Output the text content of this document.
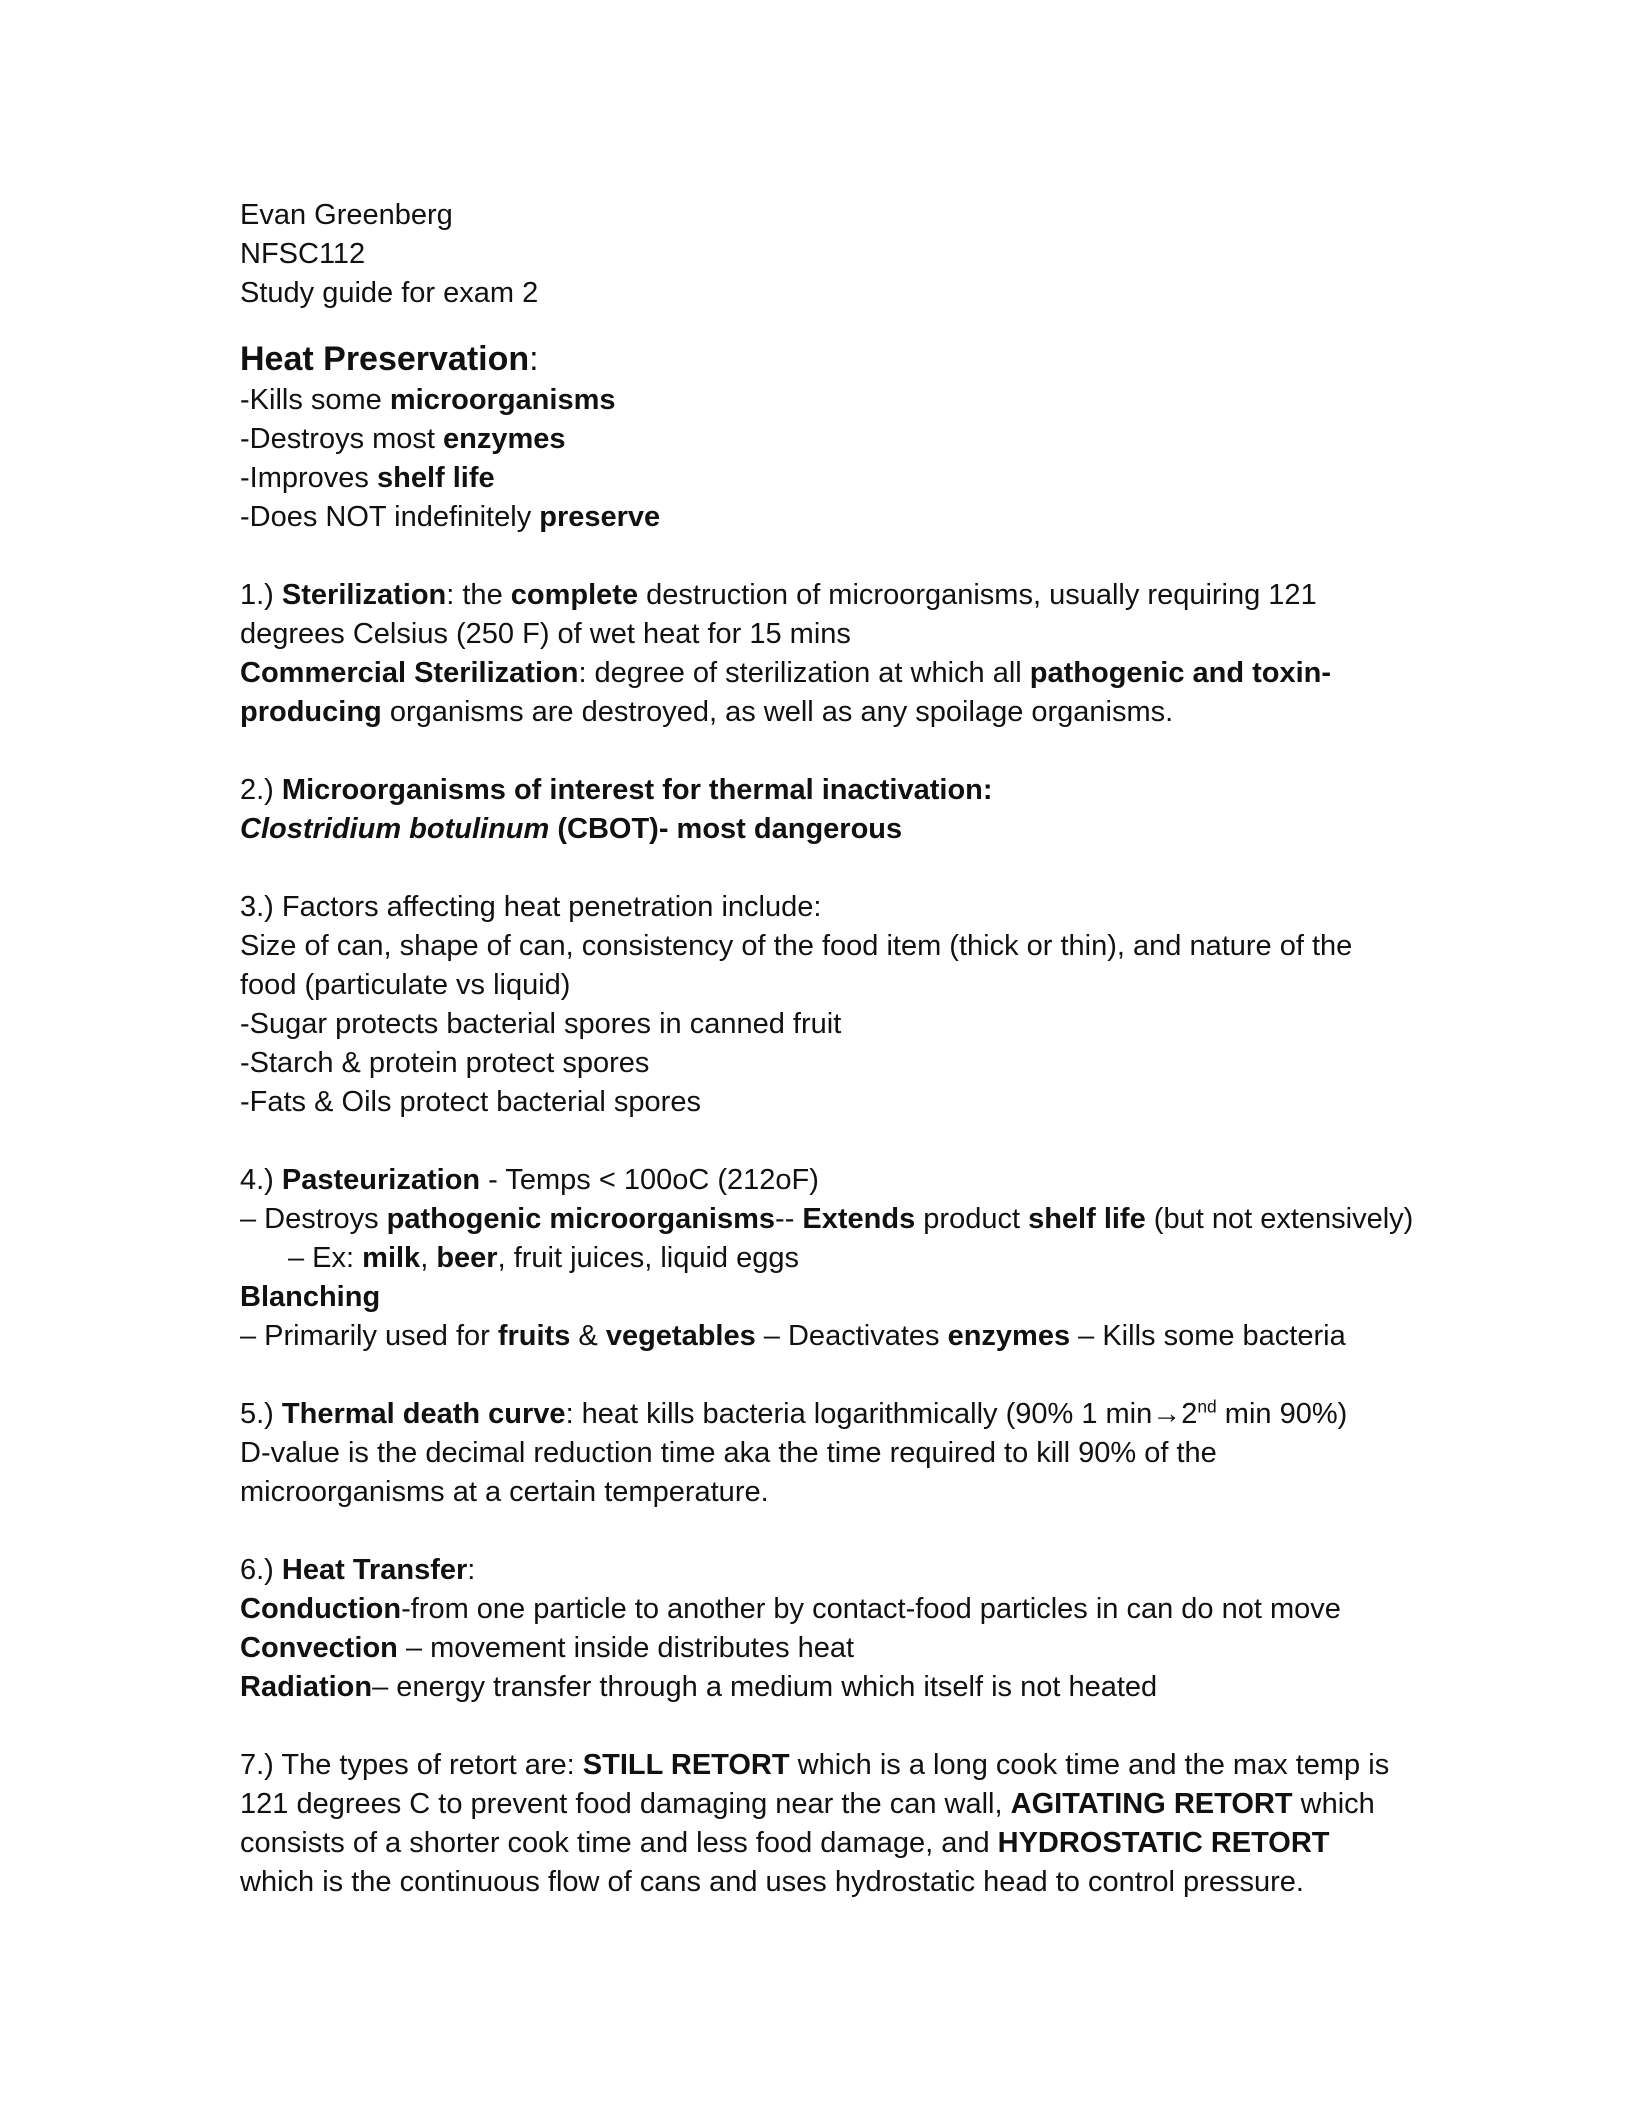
Evan Greenberg
NFSC112
Study guide for exam 2
Heat Preservation:
-Kills some microorganisms
-Destroys most enzymes
-Improves shelf life
-Does NOT indefinitely preserve
1.) Sterilization: the complete destruction of microorganisms, usually requiring 121 degrees Celsius (250 F) of wet heat for 15 mins
Commercial Sterilization: degree of sterilization at which all pathogenic and toxin-producing organisms are destroyed, as well as any spoilage organisms.
2.) Microorganisms of interest for thermal inactivation:
Clostridium botulinum (CBOT)- most dangerous
3.) Factors affecting heat penetration include:
Size of can, shape of can, consistency of the food item (thick or thin), and nature of the food (particulate vs liquid)
-Sugar protects bacterial spores in canned fruit
-Starch & protein protect spores
-Fats & Oils protect bacterial spores
4.) Pasteurization - Temps < 100oC (212oF)
– Destroys pathogenic microorganisms-- Extends product shelf life (but not extensively)
– Ex: milk, beer, fruit juices, liquid eggs
Blanching
– Primarily used for fruits & vegetables – Deactivates enzymes – Kills some bacteria
5.) Thermal death curve: heat kills bacteria logarithmically (90% 1 min→2nd min 90%)
D-value is the decimal reduction time aka the time required to kill 90% of the microorganisms at a certain temperature.
6.) Heat Transfer:
Conduction-from one particle to another by contact-food particles in can do not move
Convection – movement inside distributes heat
Radiation– energy transfer through a medium which itself is not heated
7.) The types of retort are: STILL RETORT which is a long cook time and the max temp is 121 degrees C to prevent food damaging near the can wall, AGITATING RETORT which consists of a shorter cook time and less food damage, and HYDROSTATIC RETORT which is the continuous flow of cans and uses hydrostatic head to control pressure.
